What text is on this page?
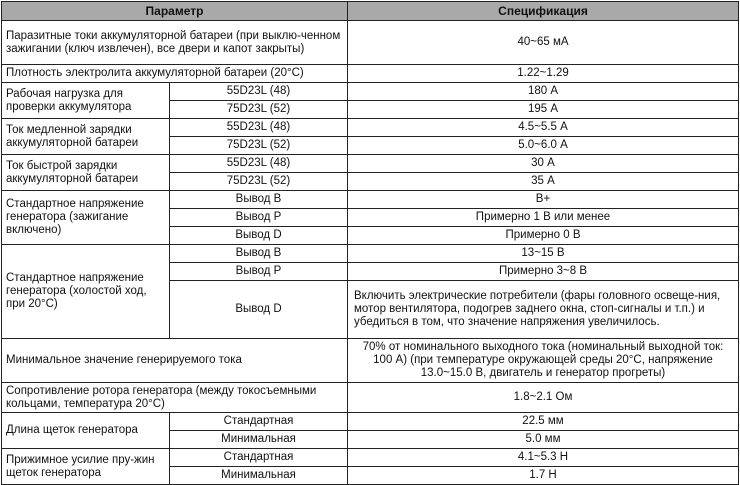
Параметр		Спецификация
Паразитные токи аккумуляторной батареи (при выклю-ченном зажигании (ключ извлечен), все двери и капот закрыты)		40~65 мА
Плотность электролита аккумуляторной батареи (20°C)		1.22~1.29
Рабочая нагрузка для проверки аккумулятора	55D23L (48)	180 А
	75D23L (52)	195 А
Ток медленной зарядки аккумуляторной батареи	55D23L (48)	4.5~5.5 А
	75D23L (52)	5.0~6.0 А
Ток быстрой зарядки аккумуляторной батареи	55D23L (48)	30 А
	75D23L (52)	35 А
Стандартное напряжение генератора (зажигание включено)	Вывод В	В+
	Вывод Р	Примерно 1 В или менее
	Вывод D	Примерно 0 В
Стандартное напряжение генератора (холостой ход, при 20°C)	Вывод В	13~15 В
	Вывод Р	Примерно 3~8 В
	Вывод D	Включить электрические потребители (фары головного освеще-ния, мотор вентилятора, подогрев заднего окна, стоп-сигналы и т.п.) и убедиться в том, что значение напряжения увеличилось.
Минимальное значение генерируемого тока		70% от номинального выходного тока (номинальный выходной ток: 100 А) (при температуре окружающей среды 20°C, напряжение 13.0~15.0 В, двигатель и генератор прогреты)
Сопротивление ротора генератора (между токосъемными кольцами, температура 20°C)		1.8~2.1 Ом
Длина щеток генератора	Стандартная	22.5 мм
	Минимальная	5.0 мм
Прижимное усилие пру-жин щеток генератора	Стандартная	4.1~5.3 Н
	Минимальная	1.7 Н
